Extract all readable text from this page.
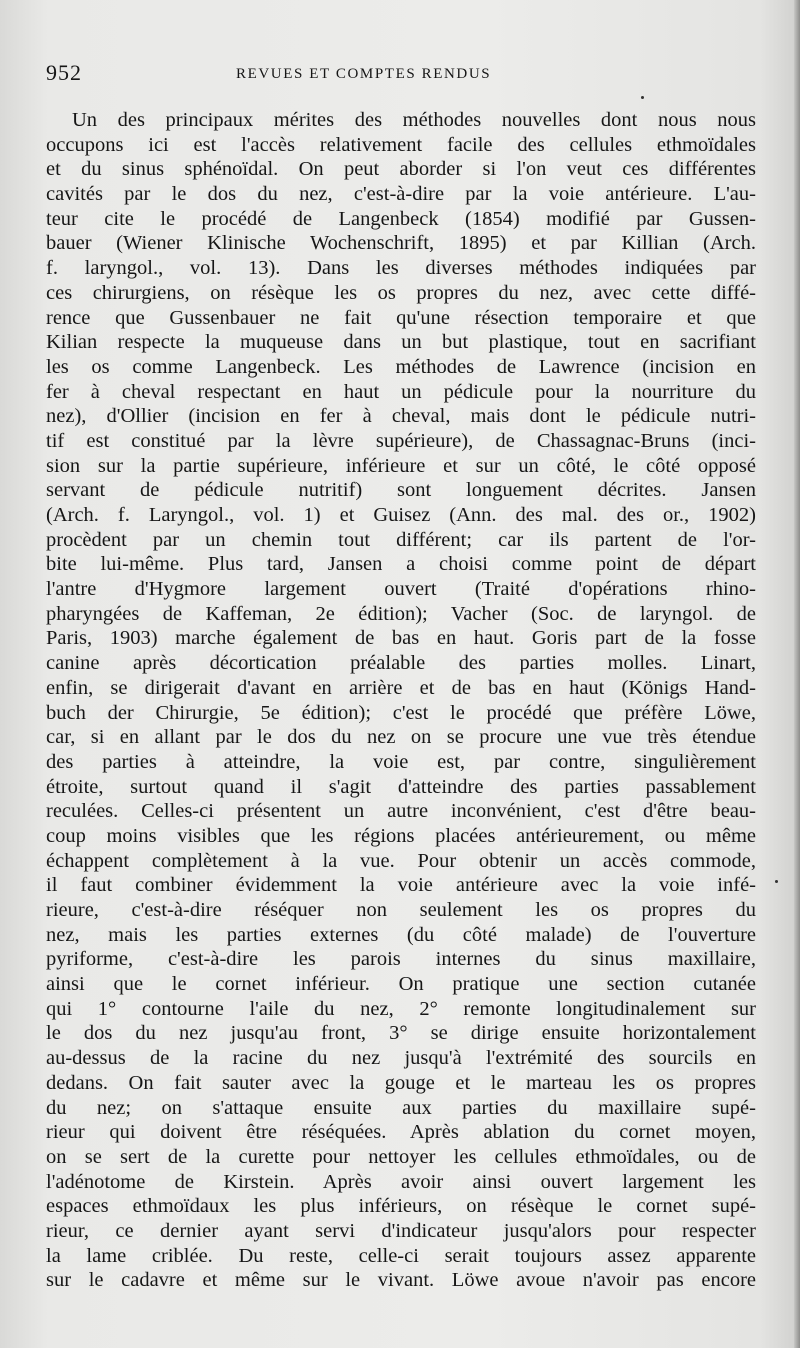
952	REVUES ET COMPTES RENDUS
Un des principaux mérites des méthodes nouvelles dont nous nous
occupons ici est l'accès relativement facile des cellules ethmoïdales
et du sinus sphénoïdal. On peut aborder si l'on veut ces différentes
cavités par le dos du nez, c'est-à-dire par la voie antérieure. L'au-
teur cite le procédé de Langenbeck (1854) modifié par Gussen-
bauer (Wiener Klinische Wochenschrift, 1895) et par Killian (Arch.
f. laryngol., vol. 13). Dans les diverses méthodes indiquées par
ces chirurgiens, on résèque les os propres du nez, avec cette diffé-
rence que Gussenbauer ne fait qu'une résection temporaire et que
Kilian respecte la muqueuse dans un but plastique, tout en sacrifiant
les os comme Langenbeck. Les méthodes de Lawrence (incision en
fer à cheval respectant en haut un pédicule pour la nourriture du
nez), d'Ollier (incision en fer à cheval, mais dont le pédicule nutri-
tif est constitué par la lèvre supérieure), de Chassagnac-Bruns (inci-
sion sur la partie supérieure, inférieure et sur un côté, le côté opposé
servant de pédicule nutritif) sont longuement décrites. Jansen
(Arch. f. Laryngol., vol. 1) et Guisez (Ann. des mal. des or., 1902)
procèdent par un chemin tout différent; car ils partent de l'or-
bite lui-même. Plus tard, Jansen a choisi comme point de départ
l'antre d'Hygmore largement ouvert (Traité d'opérations rhino-
pharyngées de Kaffeman, 2e édition); Vacher (Soc. de laryngol. de
Paris, 1903) marche également de bas en haut. Goris part de la fosse
canine après décortication préalable des parties molles. Linart,
enfin, se dirigerait d'avant en arrière et de bas en haut (Königs Hand-
buch der Chirurgie, 5e édition); c'est le procédé que préfère Löwe,
car, si en allant par le dos du nez on se procure une vue très étendue
des parties à atteindre, la voie est, par contre, singulièrement
étroite, surtout quand il s'agit d'atteindre des parties passablement
reculées. Celles-ci présentent un autre inconvénient, c'est d'être beau-
coup moins visibles que les régions placées antérieurement, ou même
échappent complètement à la vue. Pour obtenir un accès commode,
il faut combiner évidemment la voie antérieure avec la voie infé-
rieure, c'est-à-dire réséquer non seulement les os propres du
nez, mais les parties externes (du côté malade) de l'ouverture
pyriforme, c'est-à-dire les parois internes du sinus maxillaire,
ainsi que le cornet inférieur. On pratique une section cutanée
qui 1° contourne l'aile du nez, 2° remonte longitudinalement sur
le dos du nez jusqu'au front, 3° se dirige ensuite horizontalement
au-dessus de la racine du nez jusqu'à l'extrémité des sourcils en
dedans. On fait sauter avec la gouge et le marteau les os propres
du nez; on s'attaque ensuite aux parties du maxillaire supé-
rieur qui doivent être réséquées. Après ablation du cornet moyen,
on se sert de la curette pour nettoyer les cellules ethmoïdales, ou de
l'adénotome de Kirstein. Après avoir ainsi ouvert largement les
espaces ethmoïdaux les plus inférieurs, on résèque le cornet supé-
rieur, ce dernier ayant servi d'indicateur jusqu'alors pour respecter
la lame criblée. Du reste, celle-ci serait toujours assez apparente
sur le cadavre et même sur le vivant. Löwe avoue n'avoir pas encore
